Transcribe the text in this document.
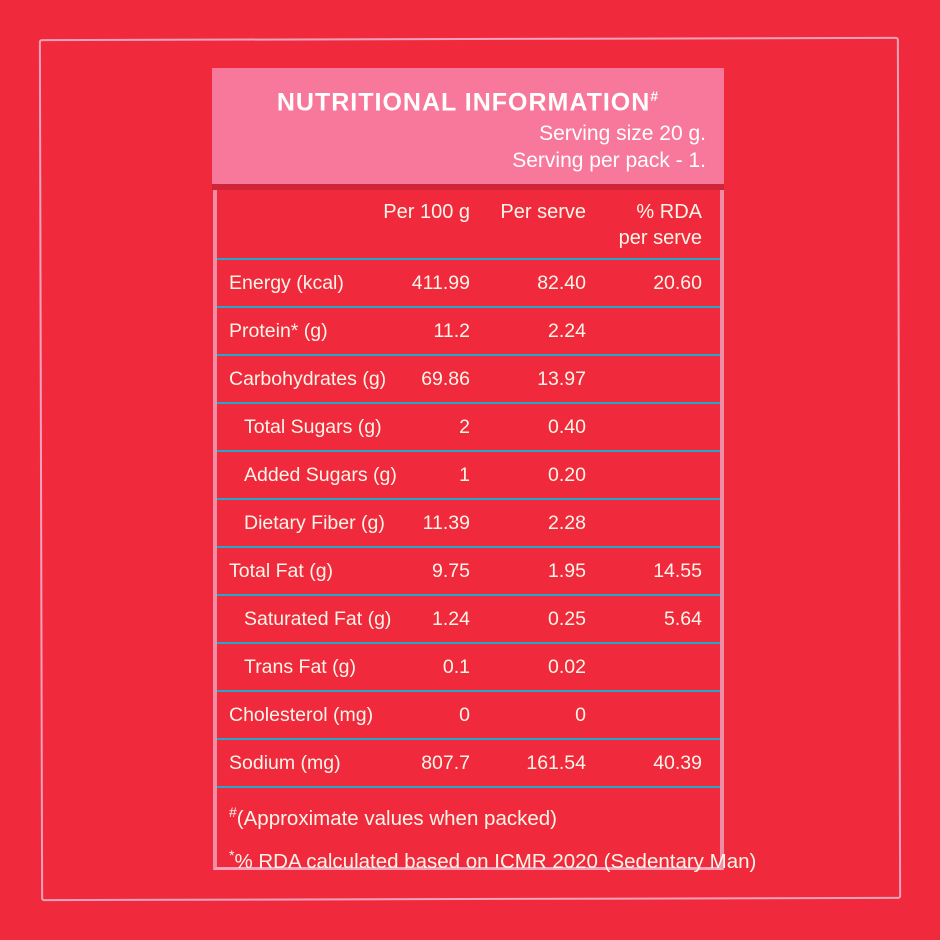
NUTRITIONAL INFORMATION#
Serving size 20 g.
Serving per pack - 1.
Per 100 g	Per serve	% RDA
per serve
Energy (kcal)	411.99	82.40	20.60
Protein* (g)	11.2	2.24
Carbohydrates (g)	69.86	13.97
Total Sugars (g)	2	0.40
Added Sugars (g)	1	0.20
Dietary Fiber (g)	11.39	2.28
Total Fat (g)	9.75	1.95	14.55
Saturated Fat (g)	1.24	0.25	5.64
Trans Fat (g)	0.1	0.02
Cholesterol (mg)	0	0
Sodium (mg)	807.7	161.54	40.39
#(Approximate values when packed)
*% RDA calculated based on ICMR 2020 (Sedentary Man)
